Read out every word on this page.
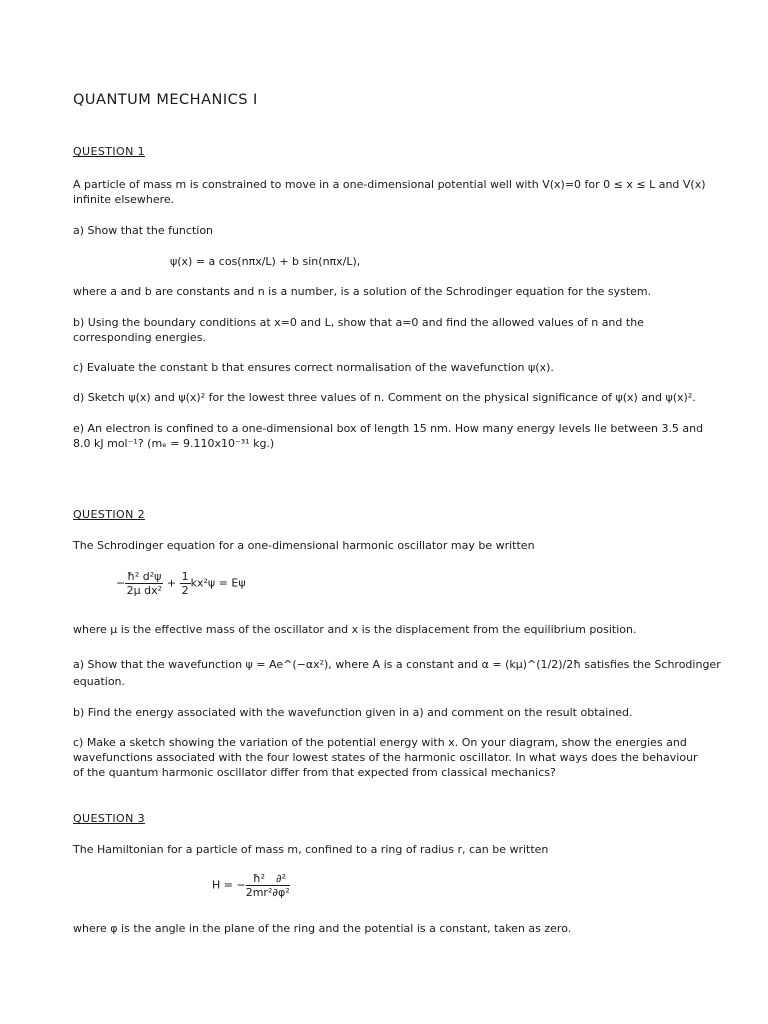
QUANTUM MECHANICS I
QUESTION 1
A particle of mass m is constrained to move in a one-dimensional potential well with V(x)=0 for 0 ≤ x ≤ L and V(x)
infinite elsewhere.
a) Show that the function
ψ(x) = a cos(nπx/L) + b sin(nπx/L),
where a and b are constants and n is a number, is a solution of the Schrodinger equation for the system.
b) Using the boundary conditions at x=0 and L, show that a=0 and find the allowed values of n and the
corresponding energies.
c) Evaluate the constant b that ensures correct normalisation of the wavefunction ψ(x).
d) Sketch ψ(x) and ψ(x)² for the lowest three values of n. Comment on the physical significance of ψ(x) and ψ(x)².
e) An electron is confined to a one-dimensional box of length 15 nm. How many energy levels lie between 3.5 and
8.0 kJ mol⁻¹? (mₑ = 9.110x10⁻³¹ kg.)
QUESTION 2
The Schrodinger equation for a one-dimensional harmonic oscillator may be written
− $\frac{\text{ħ² d²ψ}}{\text{2μ dx²}} + \frac{1}{2} kx^2\psi = E\psi$
where μ is the effective mass of the oscillator and x is the displacement from the equilibrium position.
a) Show that the wavefunction ψ = Ae^(−αx²), where A is a constant and α = (kμ)^(1/2)/2ħ satisfies the Schrodinger
equation.
b) Find the energy associated with the wavefunction given in a) and comment on the result obtained.
c) Make a sketch showing the variation of the potential energy with x. On your diagram, show the energies and
wavefunctions associated with the four lowest states of the harmonic oscillator. In what ways does the behaviour
of the quantum harmonic oscillator differ from that expected from classical mechanics?
QUESTION 3
The Hamiltonian for a particle of mass m, confined to a ring of radius r, can be written
H = − $\frac{\text{ħ²}}{\text{2mr²}} \frac{\text{∂²}}{\text{∂φ²}}$
where φ is the angle in the plane of the ring and the potential is a constant, taken as zero.
